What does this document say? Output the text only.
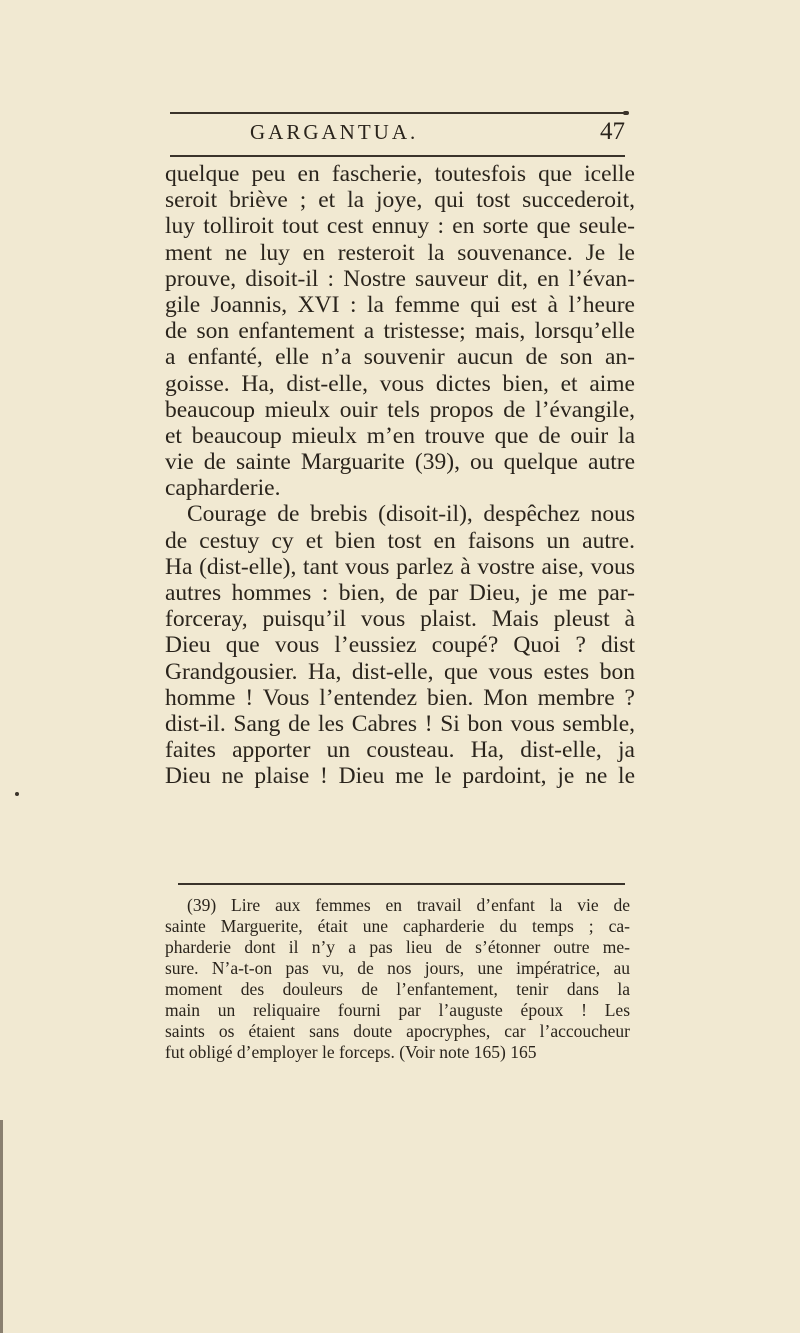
GARGANTUA.	47
quelque peu en fascherie, toutesfois que icelle
seroit briève ; et la joye, qui tost succederoit,
luy tolliroit tout cest ennuy : en sorte que seule-
ment ne luy en resteroit la souvenance. Je le
prouve, disoit-il : Nostre sauveur dit, en l’évan-
gile Joannis, XVI : la femme qui est à l’heure
de son enfantement a tristesse; mais, lorsqu’elle
a enfanté, elle n’a souvenir aucun de son an-
goisse. Ha, dist-elle, vous dictes bien, et aime
beaucoup mieulx ouir tels propos de l’évangile,
et beaucoup mieulx m’en trouve que de ouir la
vie de sainte Marguarite (39), ou quelque autre
capharderie.
Courage de brebis (disoit-il), despêchez nous
de cestuy cy et bien tost en faisons un autre.
Ha (dist-elle), tant vous parlez à vostre aise, vous
autres hommes : bien, de par Dieu, je me par-
forceray, puisqu’il vous plaist. Mais pleust à
Dieu que vous l’eussiez coupé? Quoi ? dist
Grandgousier. Ha, dist-elle, que vous estes bon
homme ! Vous l’entendez bien. Mon membre ?
dist-il. Sang de les Cabres ! Si bon vous semble,
faites apporter un cousteau. Ha, dist-elle, ja
Dieu ne plaise ! Dieu me le pardoint, je ne le
(39) Lire aux femmes en travail d’enfant la vie de
sainte Marguerite, était une capharderie du temps ; ca-
pharderie dont il n’y a pas lieu de s’étonner outre me-
sure. N’a-t-on pas vu, de nos jours, une impératrice, au
moment des douleurs de l’enfantement, tenir dans la
main un reliquaire fourni par l’auguste époux ! Les
saints os étaient sans doute apocryphes, car l’accoucheur
fut obligé d’employer le forceps. (Voir note 165) 165
